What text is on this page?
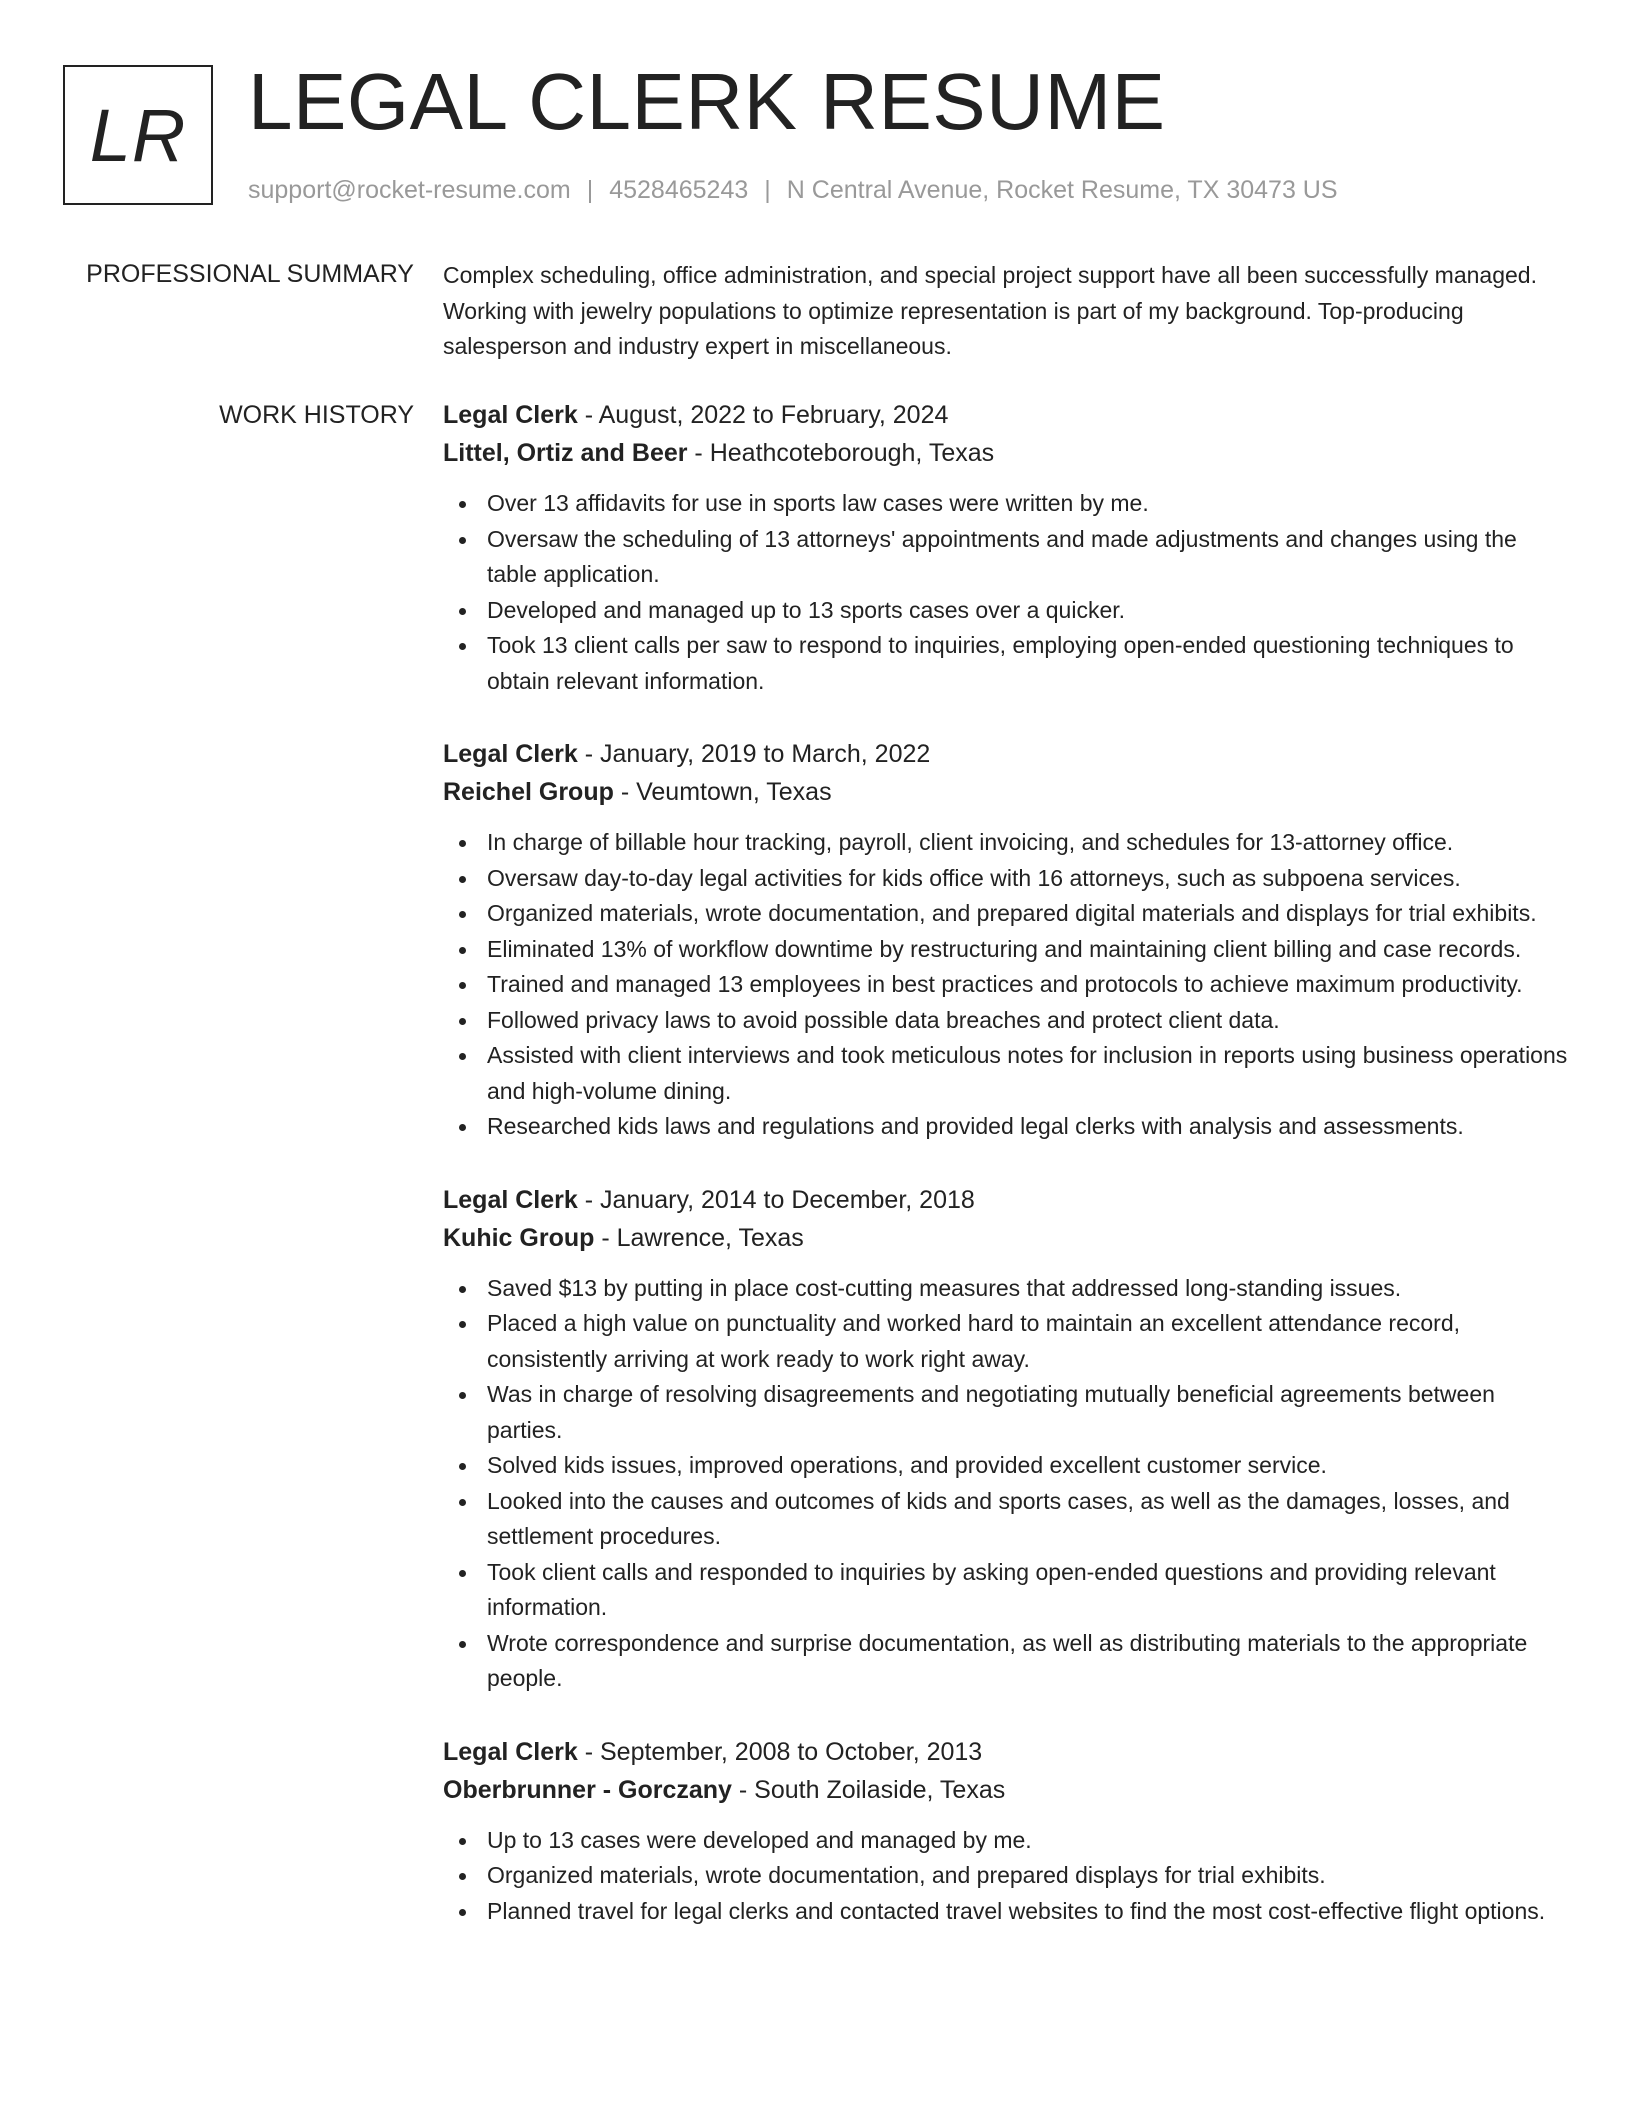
LR LEGAL CLERK RESUME
support@rocket-resume.com | 4528465243 | N Central Avenue, Rocket Resume, TX 30473 US
PROFESSIONAL SUMMARY Complex scheduling, office administration, and special project support have all been successfully managed. Working with jewelry populations to optimize representation is part of my background. Top-producing salesperson and industry expert in miscellaneous.

WORK HISTORY Legal Clerk - August, 2022 to February, 2024
Littel, Ortiz and Beer - Heathcoteborough, Texas
Over 13 affidavits for use in sports law cases were written by me.
Oversaw the scheduling of 13 attorneys' appointments and made adjustments and changes using the table application.
Developed and managed up to 13 sports cases over a quicker.
Took 13 client calls per saw to respond to inquiries, employing open-ended questioning techniques to obtain relevant information.
Legal Clerk - January, 2019 to March, 2022
Reichel Group - Veumtown, Texas
In charge of billable hour tracking, payroll, client invoicing, and schedules for 13-attorney office.
Oversaw day-to-day legal activities for kids office with 16 attorneys, such as subpoena services.
Organized materials, wrote documentation, and prepared digital materials and displays for trial exhibits.
Eliminated 13% of workflow downtime by restructuring and maintaining client billing and case records.
Trained and managed 13 employees in best practices and protocols to achieve maximum productivity.
Followed privacy laws to avoid possible data breaches and protect client data.
Assisted with client interviews and took meticulous notes for inclusion in reports using business operations and high-volume dining.
Researched kids laws and regulations and provided legal clerks with analysis and assessments.
Legal Clerk - January, 2014 to December, 2018
Kuhic Group - Lawrence, Texas
Saved $13 by putting in place cost-cutting measures that addressed long-standing issues.
Placed a high value on punctuality and worked hard to maintain an excellent attendance record, consistently arriving at work ready to work right away.
Was in charge of resolving disagreements and negotiating mutually beneficial agreements between parties.
Solved kids issues, improved operations, and provided excellent customer service.
Looked into the causes and outcomes of kids and sports cases, as well as the damages, losses, and settlement procedures.
Took client calls and responded to inquiries by asking open-ended questions and providing relevant information.
Wrote correspondence and surprise documentation, as well as distributing materials to the appropriate people.
Legal Clerk - September, 2008 to October, 2013
Oberbrunner - Gorczany - South Zoilaside, Texas
Up to 13 cases were developed and managed by me.
Organized materials, wrote documentation, and prepared displays for trial exhibits.
Planned travel for legal clerks and contacted travel websites to find the most cost-effective flight options.
